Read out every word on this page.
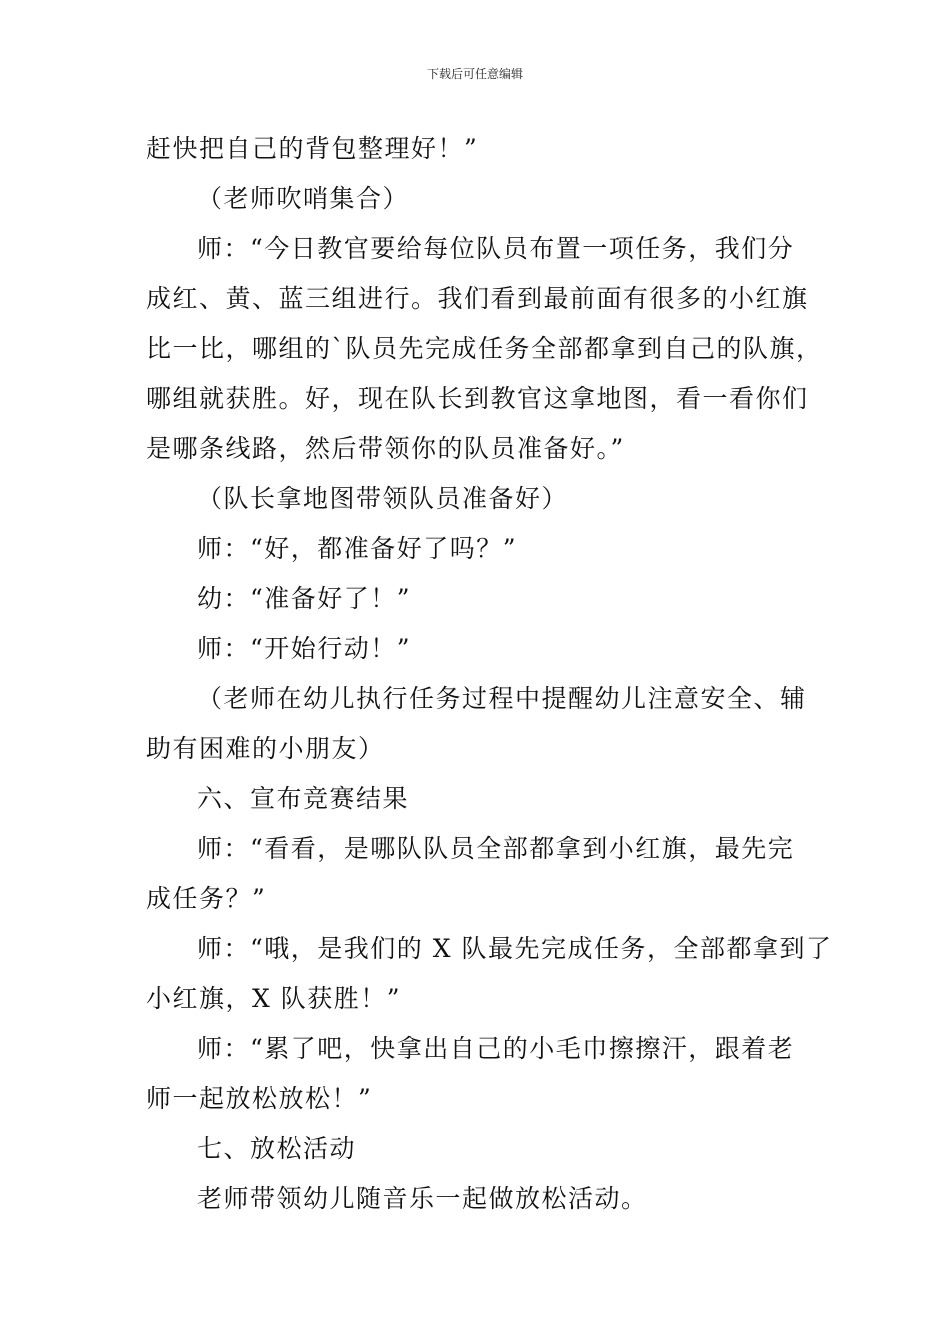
下载后可任意编辑

赶快把自己的背包整理好！”

（老师吹哨集合）

师：“今日教官要给每位队员布置一项任务，我们分

成红、黄、蓝三组进行。我们看到最前面有很多的小红旗

比一比，哪组的`队员先完成任务全部都拿到自己的队旗，

哪组就获胜。好，现在队长到教官这拿地图，看一看你们

是哪条线路，然后带领你的队员准备好。”

（队长拿地图带领队员准备好）

师：“好，都准备好了吗？”

幼：“准备好了！”

师：“开始行动！”

（老师在幼儿执行任务过程中提醒幼儿注意安全、辅

助有困难的小朋友）

六、宣布竞赛结果

师：“看看，是哪队队员全部都拿到小红旗，最先完

成任务？”

师：“哦，是我们的 X 队最先完成任务，全部都拿到了

小红旗，X 队获胜！”

师：“累了吧，快拿出自己的小毛巾擦擦汗，跟着老

师一起放松放松！”

七、放松活动

老师带领幼儿随音乐一起做放松活动。
